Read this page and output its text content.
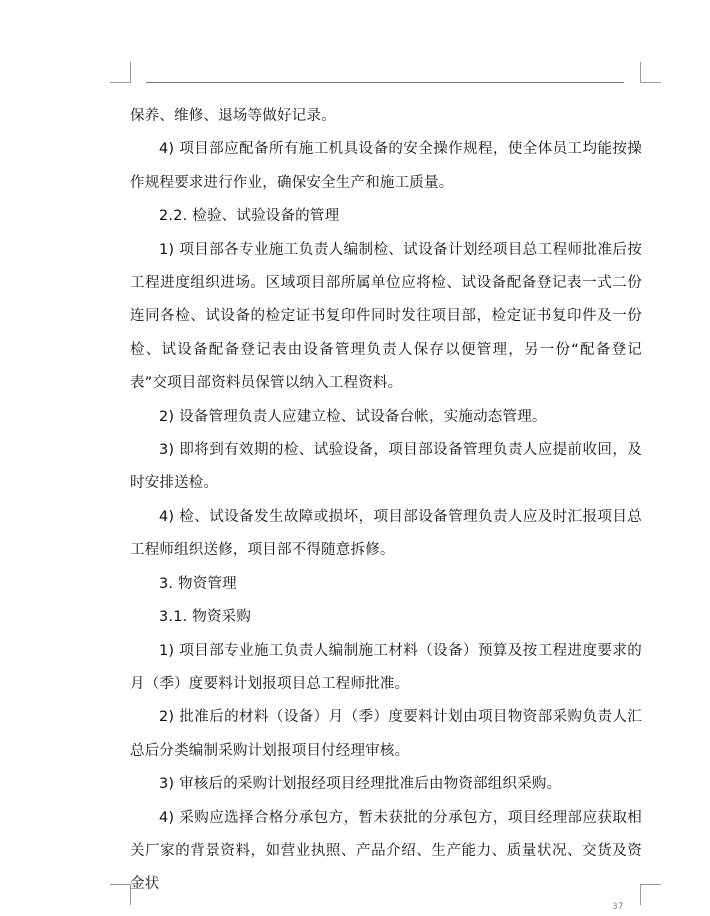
保养、维修、退场等做好记录。

4) 项目部应配备所有施工机具设备的安全操作规程，使全体员工均能按操作规程要求进行作业，确保安全生产和施工质量。

2.2. 检验、试验设备的管理

1) 项目部各专业施工负责人编制检、试设备计划经项目总工程师批准后按工程进度组织进场。区域项目部所属单位应将检、试设备配备登记表一式二份连同各检、试设备的检定证书复印件同时发往项目部，检定证书复印件及一份检、试设备配备登记表由设备管理负责人保存以便管理，另一份“配备登记表”交项目部资料员保管以纳入工程资料。

2) 设备管理负责人应建立检、试设备台帐，实施动态管理。

3) 即将到有效期的检、试验设备，项目部设备管理负责人应提前收回，及时安排送检。

4) 检、试设备发生故障或损坏，项目部设备管理负责人应及时汇报项目总工程师组织送修，项目部不得随意拆修。

3. 物资管理

3.1. 物资采购

1) 项目部专业施工负责人编制施工材料（设备）预算及按工程进度要求的月（季）度要料计划报项目总工程师批准。

2) 批准后的材料（设备）月（季）度要料计划由项目物资部采购负责人汇总后分类编制采购计划报项目付经理审核。

3) 审核后的采购计划报经项目经理批准后由物资部组织采购。

4) 采购应选择合格分承包方，暂未获批的分承包方，项目经理部应获取相关厂家的背景资料，如营业执照、产品介绍、生产能力、质量状况、交货及资金状

37
